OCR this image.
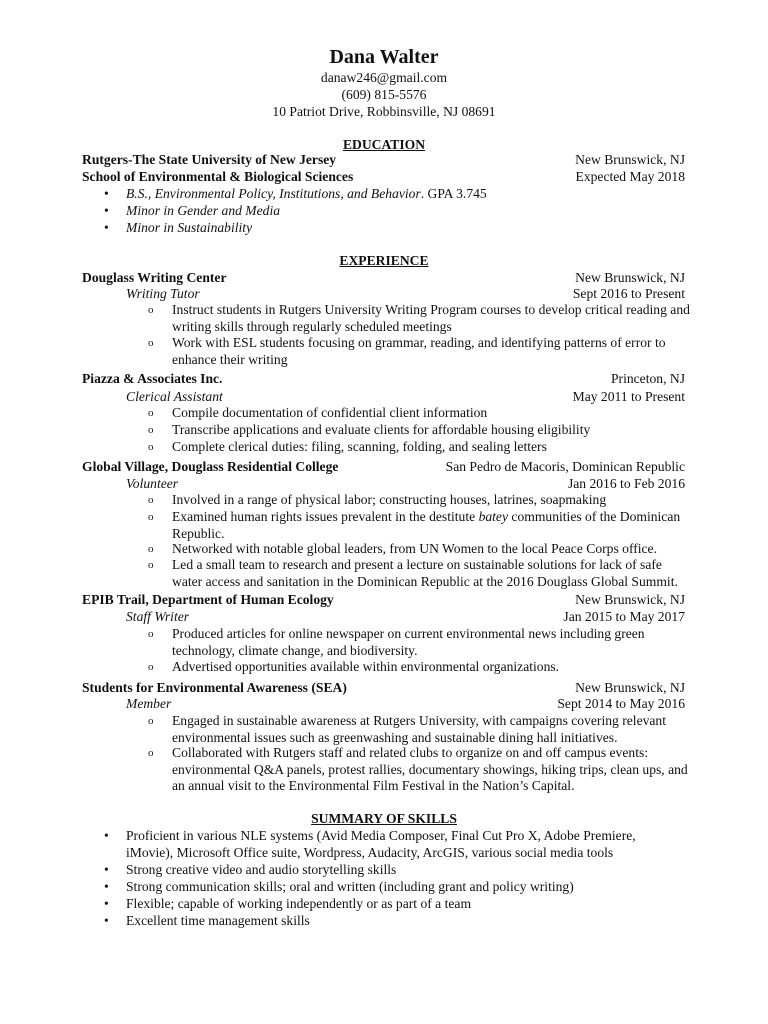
Dana Walter
danaw246@gmail.com
(609) 815-5576
10 Patriot Drive, Robbinsville, NJ 08691
EDUCATION
Rutgers-The State University of New Jersey	New Brunswick, NJ
School of Environmental & Biological Sciences	Expected May 2018
• B.S., Environmental Policy, Institutions, and Behavior. GPA 3.745
• Minor in Gender and Media
• Minor in Sustainability
EXPERIENCE
Douglass Writing Center	New Brunswick, NJ
Writing Tutor	Sept 2016 to Present
o Instruct students in Rutgers University Writing Program courses to develop critical reading and writing skills through regularly scheduled meetings
o Work with ESL students focusing on grammar, reading, and identifying patterns of error to enhance their writing
Piazza & Associates Inc.	Princeton, NJ
Clerical Assistant	May 2011 to Present
o Compile documentation of confidential client information
o Transcribe applications and evaluate clients for affordable housing eligibility
o Complete clerical duties: filing, scanning, folding, and sealing letters
Global Village, Douglass Residential College	San Pedro de Macoris, Dominican Republic
Volunteer	Jan 2016 to Feb 2016
o Involved in a range of physical labor; constructing houses, latrines, soapmaking
o Examined human rights issues prevalent in the destitute batey communities of the Dominican Republic.
o Networked with notable global leaders, from UN Women to the local Peace Corps office.
o Led a small team to research and present a lecture on sustainable solutions for lack of safe water access and sanitation in the Dominican Republic at the 2016 Douglass Global Summit.
EPIB Trail, Department of Human Ecology	New Brunswick, NJ
Staff Writer	Jan 2015 to May 2017
o Produced articles for online newspaper on current environmental news including green technology, climate change, and biodiversity.
o Advertised opportunities available within environmental organizations.
Students for Environmental Awareness (SEA)	New Brunswick, NJ
Member	Sept 2014 to May 2016
o Engaged in sustainable awareness at Rutgers University, with campaigns covering relevant environmental issues such as greenwashing and sustainable dining hall initiatives.
o Collaborated with Rutgers staff and related clubs to organize on and off campus events: environmental Q&A panels, protest rallies, documentary showings, hiking trips, clean ups, and an annual visit to the Environmental Film Festival in the Nation’s Capital.
SUMMARY OF SKILLS
• Proficient in various NLE systems (Avid Media Composer, Final Cut Pro X, Adobe Premiere, iMovie), Microsoft Office suite, Wordpress, Audacity, ArcGIS, various social media tools
• Strong creative video and audio storytelling skills
• Strong communication skills; oral and written (including grant and policy writing)
• Flexible; capable of working independently or as part of a team
• Excellent time management skills
